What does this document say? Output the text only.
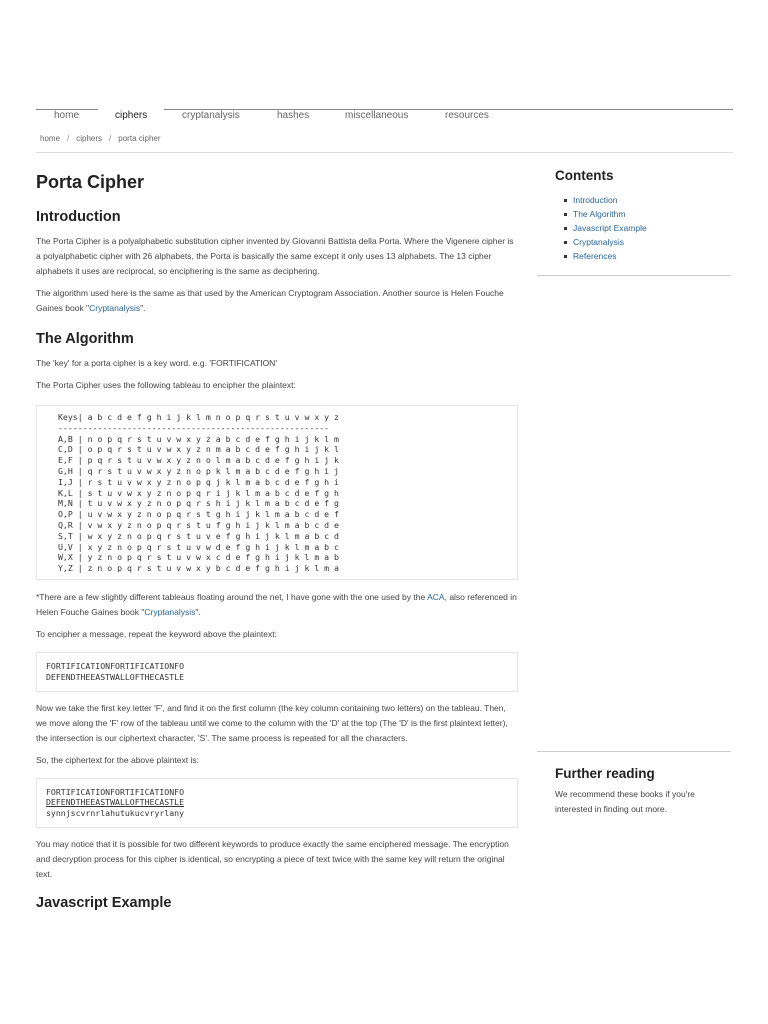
home	ciphers	cryptanalysis	hashes	miscellaneous	resources
home / ciphers / porta cipher
Porta Cipher
Introduction

The Porta Cipher is a polyalphabetic substitution cipher invented by Giovanni Battista della Porta. Where the Vigenere cipher is a polyalphabetic cipher with 26 alphabets, the Porta is basically the same except it only uses 13 alphabets. The 13 cipher alphabets it uses are reciprocal, so enciphering is the same as deciphering.

The algorithm used here is the same as that used by the American Cryptogram Association. Another source is Helen Fouche Gaines book "Cryptanalysis".

The Algorithm

The 'key' for a porta cipher is a key word. e.g. 'FORTIFICATION'

The Porta Cipher uses the following tableau to encipher the plaintext:

Keys| a b c d e f g h i j k l m n o p q r s t u v w x y z
-------------------------------------------------------
A,B | n o p q r s t u v w x y z a b c d e f g h i j k l m
C,D | o p q r s t u v w x y z n m a b c d e f g h i j k l
E,F | p q r s t u v w x y z n o l m a b c d e f g h i j k
G,H | q r s t u v w x y z n o p k l m a b c d e f g h i j
I,J | r s t u v w x y z n o p q j k l m a b c d e f g h i
K,L | s t u v w x y z n o p q r i j k l m a b c d e f g h
M,N | t u v w x y z n o p q r s h i j k l m a b c d e f g
O,P | u v w x y z n o p q r s t g h i j k l m a b c d e f
Q,R | v w x y z n o p q r s t u f g h i j k l m a b c d e
S,T | w x y z n o p q r s t u v e f g h i j k l m a b c d
U,V | x y z n o p q r s t u v w d e f g h i j k l m a b c
W,X | y z n o p q r s t u v w x c d e f g h i j k l m a b
Y,Z | z n o p q r s t u v w x y b c d e f g h i j k l m a

*There are a few slightly different tableaus floating around the net, I have gone with the one used by the ACA, also referenced in Helen Fouche Gaines book "Cryptanalysis".

To encipher a message, repeat the keyword above the plaintext:

FORTIFICATIONFORTIFICATIONFO
DEFENDTHEEASTWALLOFTHECASTLE

Now we take the first key letter 'F', and find it on the first column (the key column containing two letters) on the tableau. Then, we move along the 'F' row of the tableau until we come to the column with the 'D' at the top (The 'D' is the first plaintext letter), the intersection is our ciphertext character, 'S'. The same process is repeated for all the characters.

So, the ciphertext for the above plaintext is:

FORTIFICATIONFORTIFICATIONFO
DEFENDTHEEASTWALLOFTHECASTLE
synnjscvrnrlahutukucvryrlany

You may notice that it is possible for two different keywords to produce exactly the same enciphered message. The encryption and decryption process for this cipher is identical, so encrypting a piece of text twice with the same key will return the original text.

Javascript Example
Contents
Introduction
The Algorithm
Javascript Example
Cryptanalysis
References
Further reading

We recommend these books if you're interested in finding out more.
